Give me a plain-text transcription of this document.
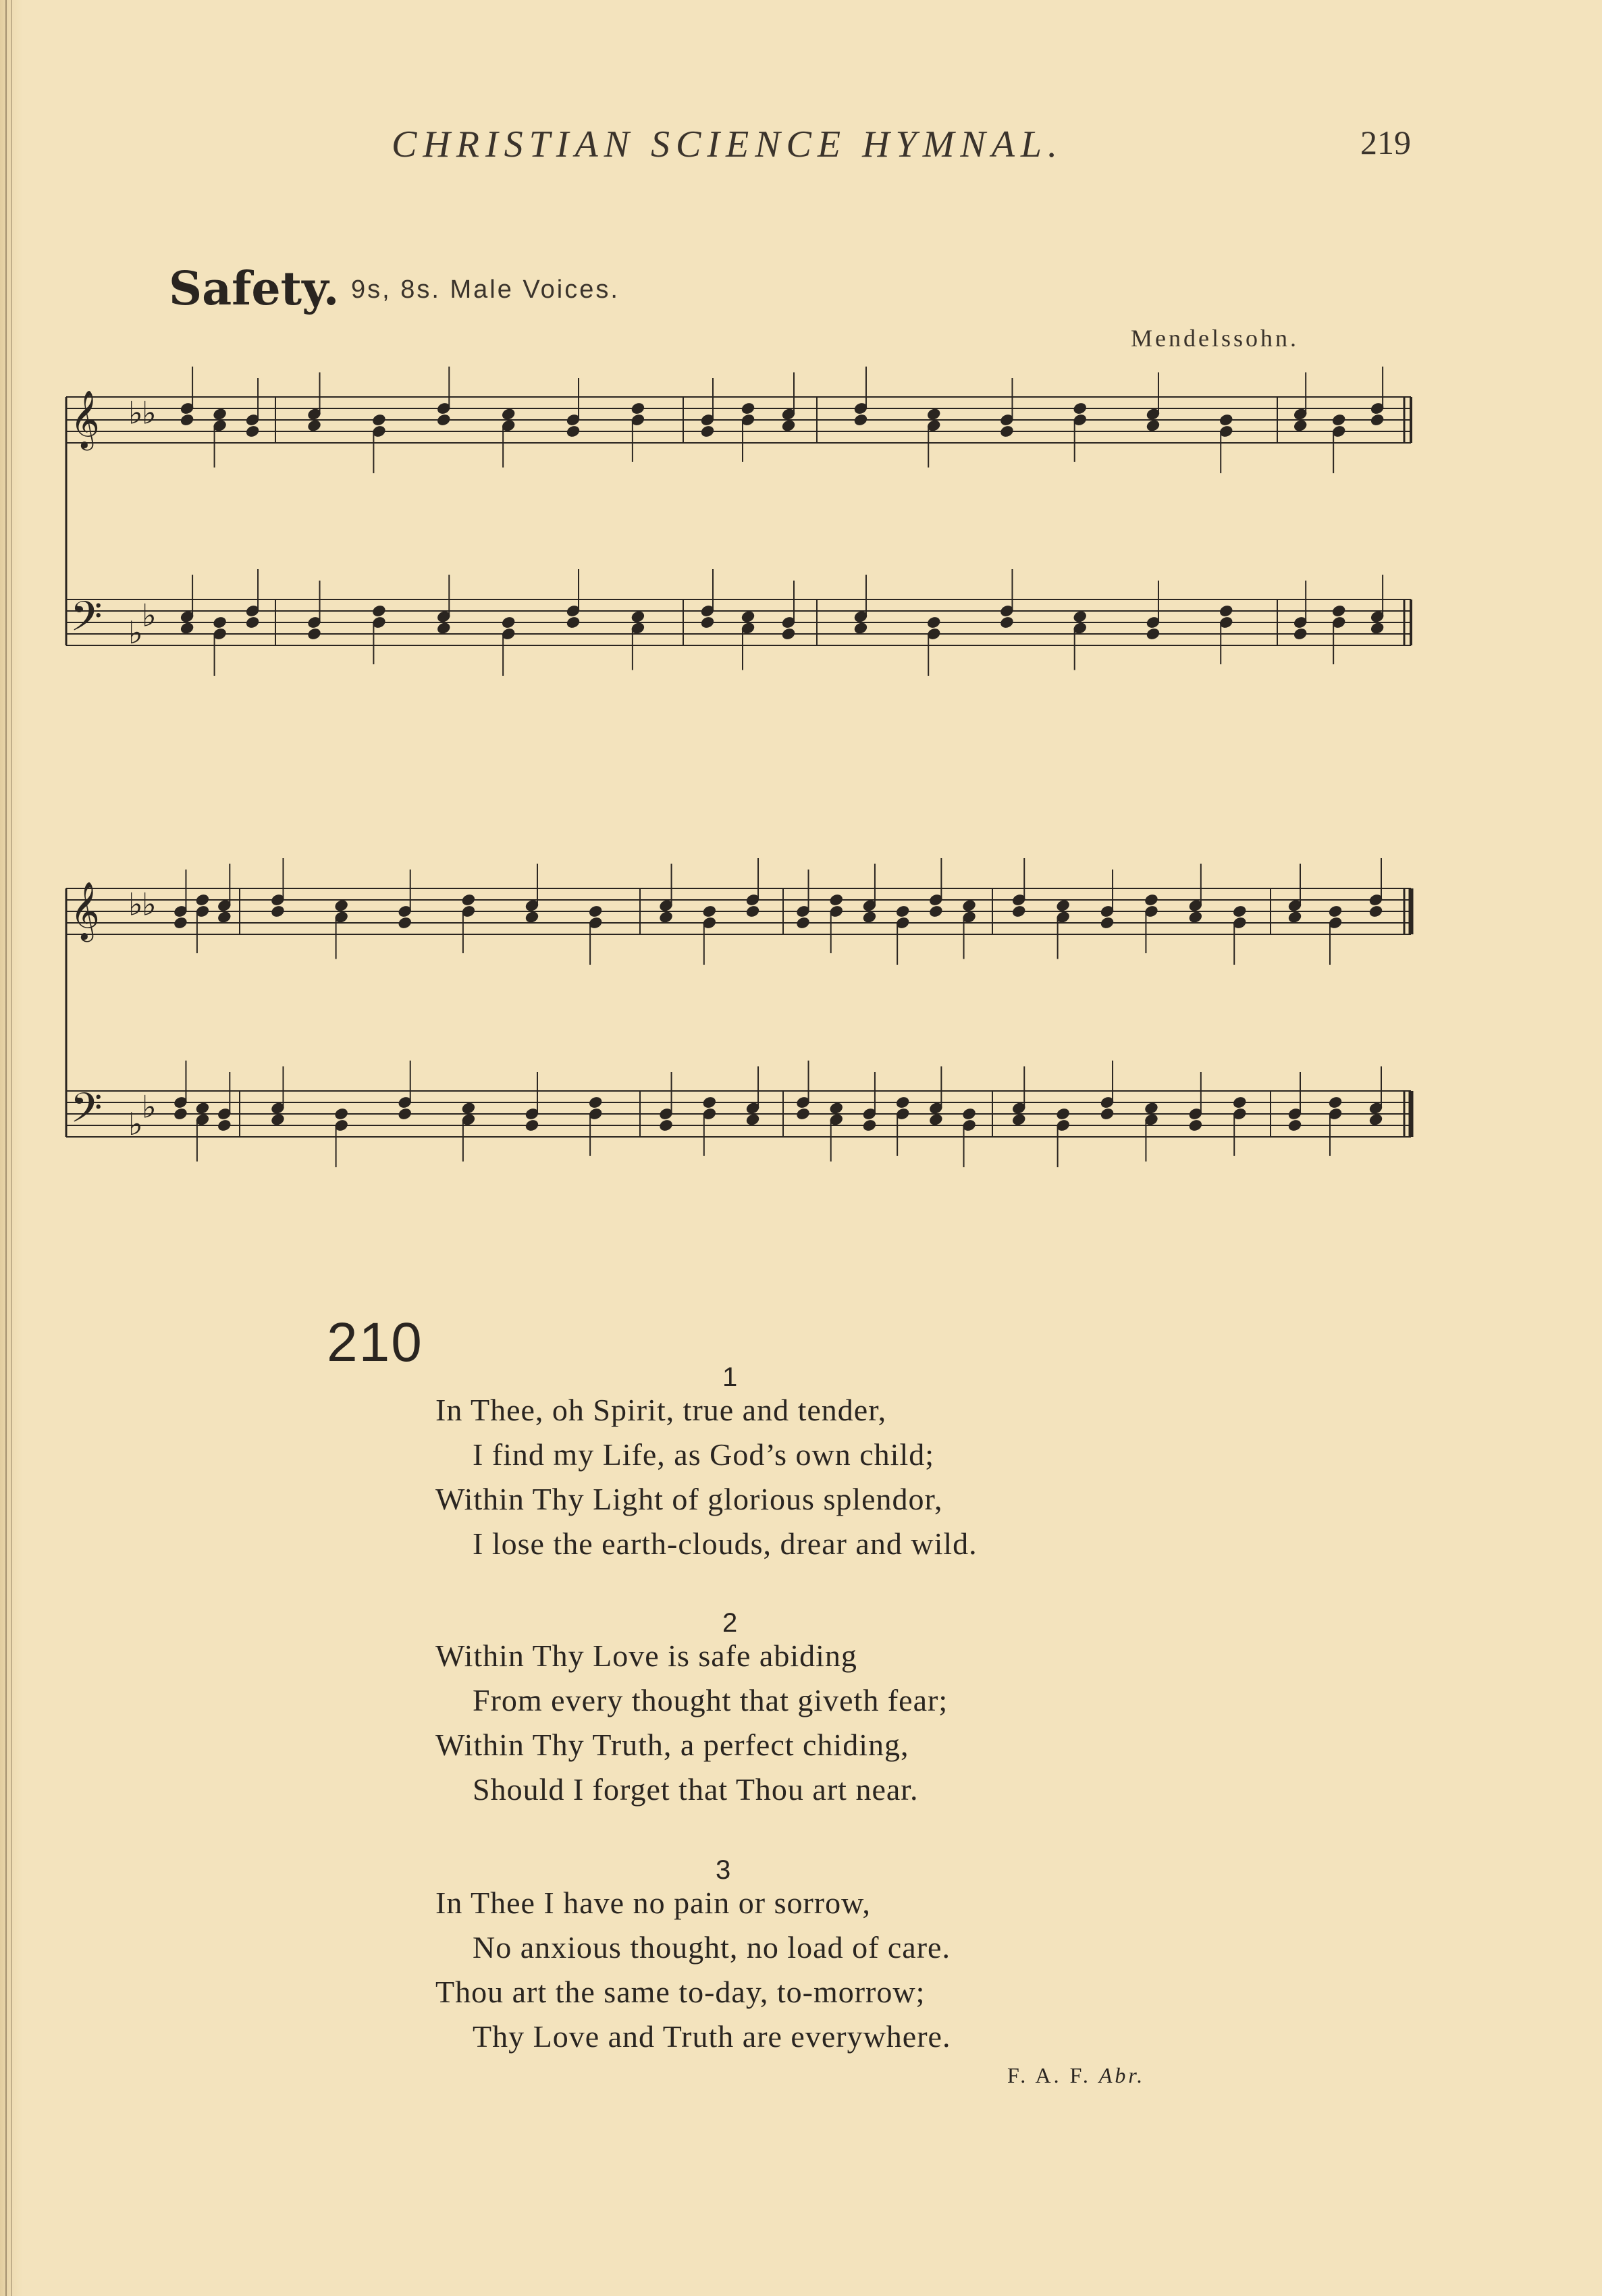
CHRISTIAN SCIENCE HYMNAL.	219
Safety. 9s, 8s. Male Voices.
Mendelssohn.
𝄞 ♭
♭
𝄢 ♭
♭
𝄞 ♭
♭
𝄢 ♭
♭
210
1
In Thee, oh Spirit, true and tender,
I find my Life, as God’s own child;
Within Thy Light of glorious splendor,
I lose the earth-clouds, drear and wild.
2
Within Thy Love is safe abiding
From every thought that giveth fear;
Within Thy Truth, a perfect chiding,
Should I forget that Thou art near.
3
In Thee I have no pain or sorrow,
No anxious thought, no load of care.
Thou art the same to-day, to-morrow;
Thy Love and Truth are everywhere.
F. A. F. Abr.
